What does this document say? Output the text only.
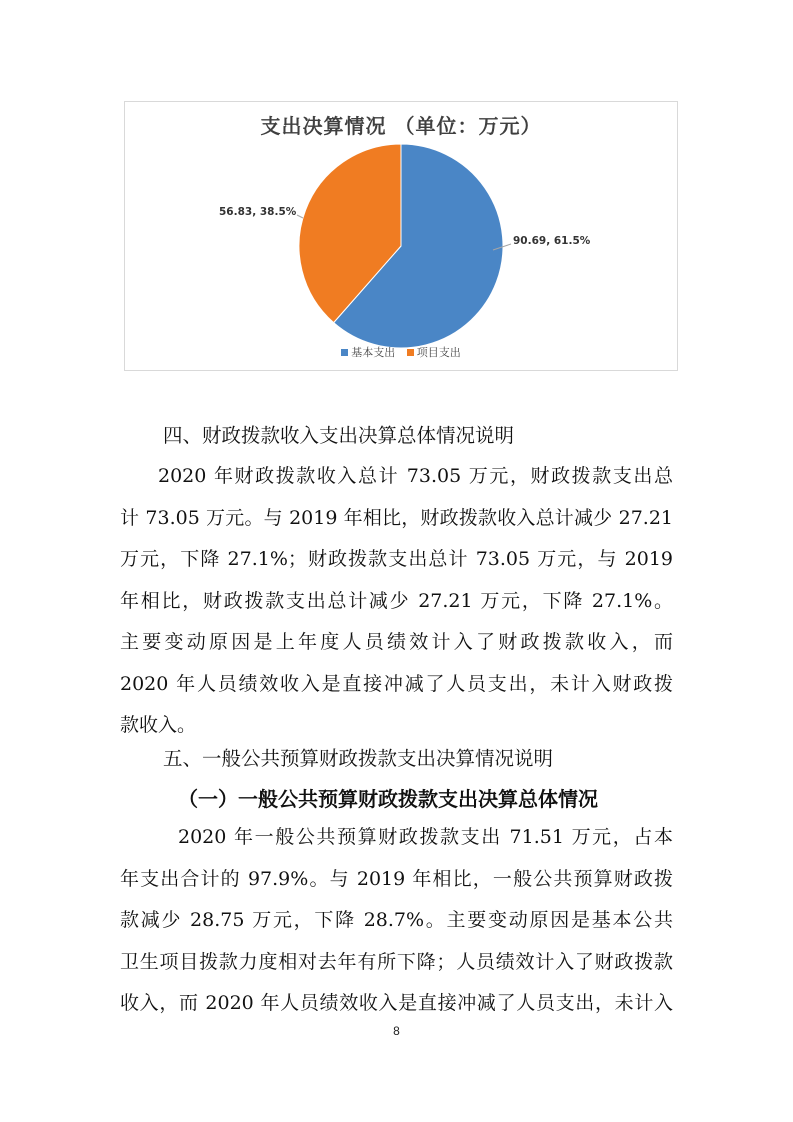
支出决算情况 （单位：万元）
90.69, 61.5%
56.83, 38.5%
基本支出 项目支出
四、财政拨款收入支出决算总体情况说明
2020 年财政拨款收入总计 73.05 万元，财政拨款支出总
计 73.05 万元。与 2019 年相比，财政拨款收入总计减少 27.21
万元，下降 27.1%；财政拨款支出总计 73.05 万元，与 2019
年相比，财政拨款支出总计减少 27.21 万元，下降 27.1%。
主要变动原因是上年度人员绩效计入了财政拨款收入，而
2020 年人员绩效收入是直接冲减了人员支出，未计入财政拨
款收入。
五、一般公共预算财政拨款支出决算情况说明
（一）一般公共预算财政拨款支出决算总体情况
2020 年一般公共预算财政拨款支出 71.51 万元，占本
年支出合计的 97.9%。与 2019 年相比，一般公共预算财政拨
款减少 28.75 万元，下降 28.7%。主要变动原因是基本公共
卫生项目拨款力度相对去年有所下降；人员绩效计入了财政拨款
收入，而 2020 年人员绩效收入是直接冲减了人员支出，未计入
8
